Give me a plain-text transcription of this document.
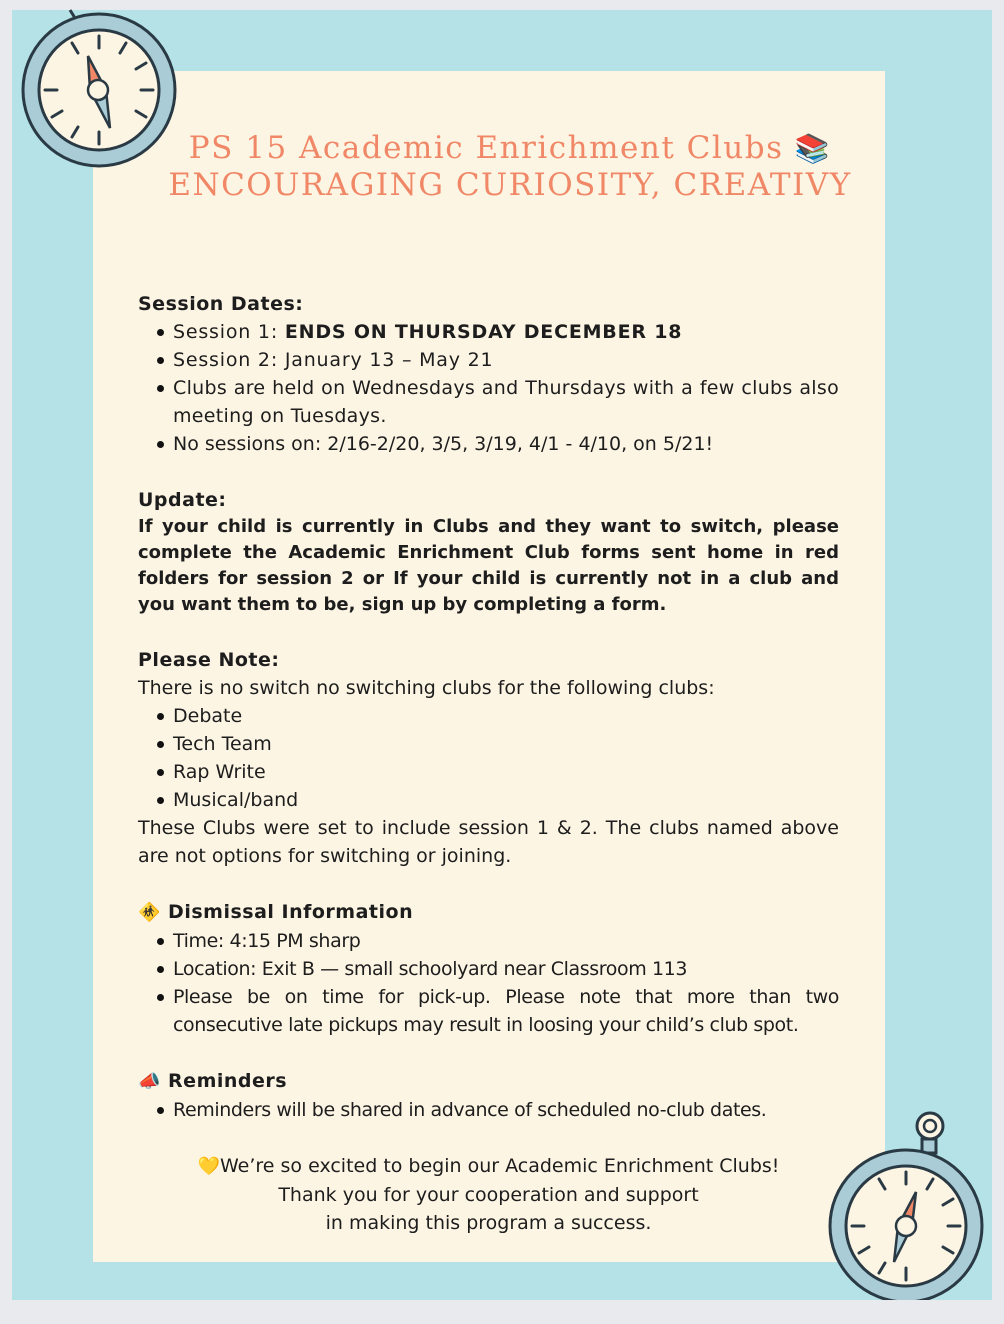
PS 15 Academic Enrichment Clubs 📚
ENCOURAGING CURIOSITY, CREATIVY
Session Dates:
Session 1: ENDS ON THURSDAY DECEMBER 18
Session 2: January 13 – May 21
Clubs are held on Wednesdays and Thursdays with a few clubs also meeting on Tuesdays.
No sessions on: 2/16-2/20, 3/5, 3/19, 4/1 - 4/10, on 5/21!
Update:
If your child is currently in Clubs and they want to switch, please complete the Academic Enrichment Club forms sent home in red folders for session 2 or If your child is currently not in a club and you want them to be, sign up by completing a form.
Please Note:
There is no switch no switching clubs for the following clubs:
Debate
Tech Team
Rap Write
Musical/band
These Clubs were set to include session 1 & 2. The clubs named above are not options for switching or joining.
🚸 Dismissal Information
Time: 4:15 PM sharp
Location: Exit B — small schoolyard near Classroom 113
Please be on time for pick-up. Please note that more than two consecutive late pickups may result in loosing your child’s club spot.
📣 Reminders
Reminders will be shared in advance of scheduled no-club dates.
💛We’re so excited to begin our Academic Enrichment Clubs!
Thank you for your cooperation and support
in making this program a success.
